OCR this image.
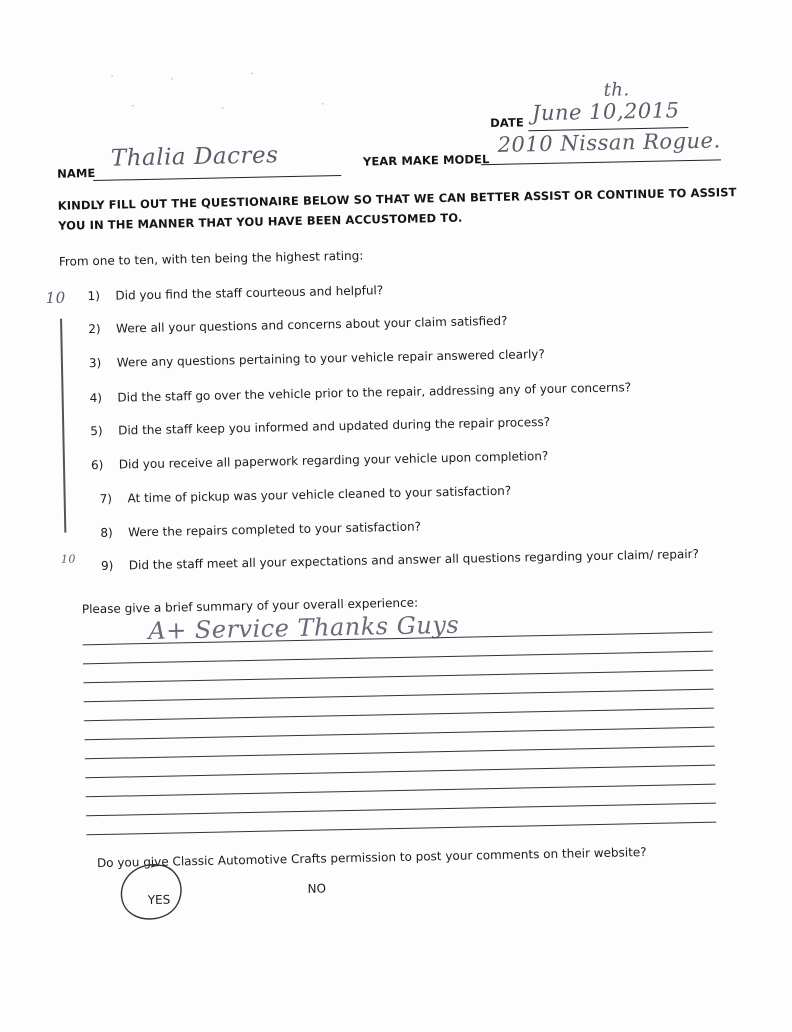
th.
DATE June 10,2015
NAME
Thalia Dacres	YEAR MAKE MODEL
2010 Nissan Rogue.
KINDLY FILL OUT THE QUESTIONAIRE BELOW SO THAT WE CAN BETTER ASSIST OR CONTINUE TO ASSIST
YOU IN THE MANNER THAT YOU HAVE BEEN ACCUSTOMED TO.
From one to ten, with ten being the highest rating:
10
10
1) Did you find the staff courteous and helpful?
2) Were all your questions and concerns about your claim satisfied?
3) Were any questions pertaining to your vehicle repair answered clearly?
4) Did the staff go over the vehicle prior to the repair, addressing any of your concerns?
5) Did the staff keep you informed and updated during the repair process?
6) Did you receive all paperwork regarding your vehicle upon completion?
7) At time of pickup was your vehicle cleaned to your satisfaction?
8) Were the repairs completed to your satisfaction?
9) Did the staff meet all your expectations and answer all questions regarding your claim/ repair?
Please give a brief summary of your overall experience:
A+ Service Thanks Guys
Do you give Classic Automotive Crafts permission to post your comments on their website?
$_{YES}$
NO
